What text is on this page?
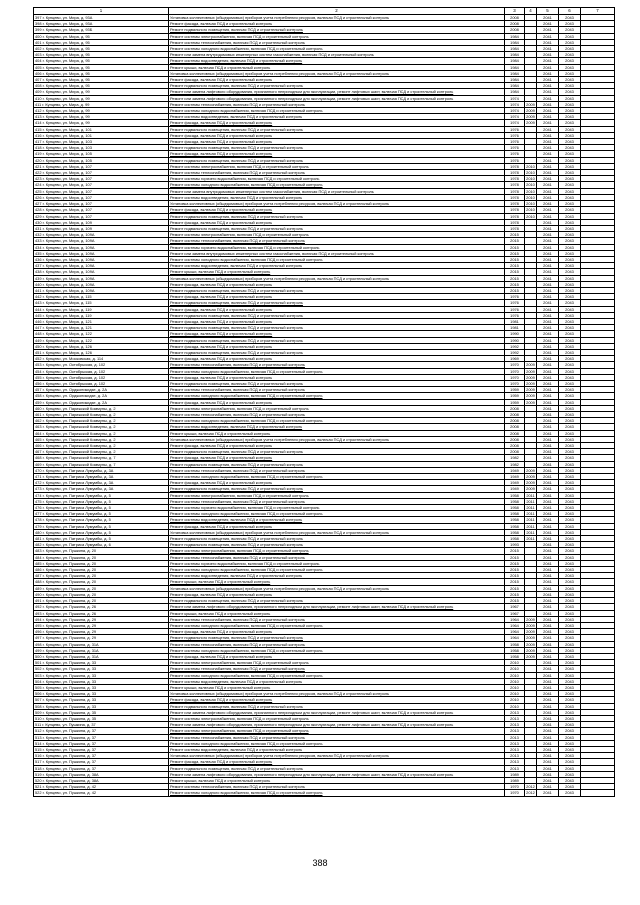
1	2	3	4	5	6	7
397 г. Кунцево, ул. Мира, д. 93А	Установка коллективных (общедомовых) приборов учета потребления ресурсов, включая ПСД и строительный контроль	2008		2041	2043	
398 г. Кунцево, ул. Мира, д. 93А	Ремонт фасада, включая ПСД и строительный контроль	2008		2041	2043	
399 г. Кунцево, ул. Мира, д. 93Б	Ремонт подвального помещения, включая ПСД и строительный контроль	2008		2041	2043	
400 г. Кунцево, ул. Мира, д. 95	Ремонт системы электроснабжения, включая ПСД и строительный контроль	1984		2041	2043	
401 г. Кунцево, ул. Мира, д. 95	Ремонт системы теплоснабжения, включая ПСД и строительный контроль	1984		2041	2043	
402 г. Кунцево, ул. Мира, д. 95	Ремонт системы холодного водоснабжения, включая ПСД и строительный контроль	1984		2041	2043	
403 г. Кунцево, ул. Мира, д. 95	Ремонт или замена внутридомовых инженерных систем газоснабжения, включая ПСД и строительный контроль	1984		2041	2043	
404 г. Кунцево, ул. Мира, д. 95	Ремонт системы водоотведения, включая ПСД и строительный контроль	1984		2041	2043	
405 г. Кунцево, ул. Мира, д. 95	Ремонт крыши, включая ПСД и строительный контроль	1984		2041	2043	
406 г. Кунцево, ул. Мира, д. 95	Установка коллективных (общедомовых) приборов учета потребления ресурсов, включая ПСД и строительный контроль	1984		2041	2043	
407 г. Кунцево, ул. Мира, д. 95	Ремонт фасада, включая ПСД и строительный контроль	1984		2041	2043	
408 г. Кунцево, ул. Мира, д. 95	Ремонт подвального помещения, включая ПСД и строительный контроль	1984		2041	2043	
409 г. Кунцево, ул. Мира, д. 99	Ремонт или замена лифтового оборудования, признанного непригодным для эксплуатации, ремонт лифтовых шахт, включая ПСД и строительный контроль	1984		2041	2043	
410 г. Кунцево, ул. Мира, д. 99	Ремонт или замена лифтового оборудования, признанного непригодным для эксплуатации, ремонт лифтовых шахт, включая ПСД и строительный контроль	1974		2041	2043	
411 г. Кунцево, ул. Мира, д. 99	Ремонт системы теплоснабжения, включая ПСД и строительный контроль	1974	2009	2041	2043	
412 г. Кунцево, ул. Мира, д. 99	Ремонт системы холодного водоснабжения, включая ПСД и строительный контроль	1974	2009	2041	2043	
413 г. Кунцево, ул. Мира, д. 99	Ремонт системы водоотведения, включая ПСД и строительный контроль	1974	2009	2041	2043	
414 г. Кунцево, ул. Мира, д. 99	Ремонт фасада, включая ПСД и строительный контроль	1974	2009	2041	2043	
415 г. Кунцево, ул. Мира, д. 101	Ремонт подвального помещения, включая ПСД и строительный контроль	1976		2041	2043	
416 г. Кунцево, ул. Мира, д. 101	Ремонт фасада, включая ПСД и строительный контроль	1976		2041	2043	
417 г. Кунцево, ул. Мира, д. 103	Ремонт фасада, включая ПСД и строительный контроль	1976		2041	2043	
418 г. Кунцево, ул. Мира, д. 103	Ремонт подвального помещения, включая ПСД и строительный контроль	1976		2041	2043	
419 г. Кунцево, ул. Мира, д. 105	Ремонт фасада, включая ПСД и строительный контроль	1976		2041	2043	
420 г. Кунцево, ул. Мира, д. 105	Ремонт подвального помещения, включая ПСД и строительный контроль	1976		2041	2043	
421 г. Кунцево, ул. Мира, д. 107	Ремонт системы электроснабжения, включая ПСД и строительный контроль	1978	2010	2041	2043	
422 г. Кунцево, ул. Мира, д. 107	Ремонт системы теплоснабжения, включая ПСД и строительный контроль	1978	2010	2041	2043	
423 г. Кунцево, ул. Мира, д. 107	Ремонт системы горячего водоснабжения, включая ПСД и строительный контроль	1978	2010	2041	2043	
424 г. Кунцево, ул. Мира, д. 107	Ремонт системы холодного водоснабжения, включая ПСД и строительный контроль	1978	2010	2041	2043	
425 г. Кунцево, ул. Мира, д. 107	Ремонт или замена внутридомовых инженерных систем газоснабжения, включая ПСД и строительный контроль	1978	2010	2041	2043	
426 г. Кунцево, ул. Мира, д. 107	Ремонт системы водоотведения, включая ПСД и строительный контроль	1978	2010	2041	2043	
427 г. Кунцево, ул. Мира, д. 107	Установка коллективных (общедомовых) приборов учета потребления ресурсов, включая ПСД и строительный контроль	1978	2010	2041	2043	
428 г. Кунцево, ул. Мира, д. 107	Ремонт фасада, включая ПСД и строительный контроль	1978	2010	2041	2043	
429 г. Кунцево, ул. Мира, д. 107	Ремонт подвального помещения, включая ПСД и строительный контроль	1978	2010	2041	2043	
430 г. Кунцево, ул. Мира, д. 109	Ремонт фасада, включая ПСД и строительный контроль	1978		2041	2043	
431 г. Кунцево, ул. Мира, д. 109	Ремонт подвального помещения, включая ПСД и строительный контроль	1978		2041	2043	
432 г. Кунцево, ул. Мира, д. 109А	Ремонт системы электроснабжения, включая ПСД и строительный контроль	2015		2041	2043	
433 г. Кунцево, ул. Мира, д. 109А	Ремонт системы теплоснабжения, включая ПСД и строительный контроль	2015		2041	2043	
434 г. Кунцево, ул. Мира, д. 109А	Ремонт системы горячего водоснабжения, включая ПСД и строительный контроль	2015		2041	2043	
435 г. Кунцево, ул. Мира, д. 109А	Ремонт или замена внутридомовых инженерных систем газоснабжения, включая ПСД и строительный контроль	2015		2041	2043	
436 г. Кунцево, ул. Мира, д. 109А	Ремонт системы холодного водоснабжения, включая ПСД и строительный контроль	2015		2041	2043	
437 г. Кунцево, ул. Мира, д. 109А	Ремонт системы водоотведения, включая ПСД и строительный контроль	2015		2041	2043	
438 г. Кунцево, ул. Мира, д. 109А	Ремонт крыши, включая ПСД и строительный контроль	2015		2041	2043	
439 г. Кунцево, ул. Мира, д. 109А	Установка коллективных (общедомовых) приборов учета потребления ресурсов, включая ПСД и строительный контроль	2015		2041	2043	
440 г. Кунцево, ул. Мира, д. 109А	Ремонт фасада, включая ПСД и строительный контроль	2015		2041	2043	
441 г. Кунцево, ул. Мира, д. 109А	Ремонт подвального помещения, включая ПСД и строительный контроль	2015		2041	2043	
442 г. Кунцево, ул. Мира, д. 115	Ремонт фасада, включая ПСД и строительный контроль	1976		2041	2043	
443 г. Кунцево, ул. Мира, д. 115	Ремонт подвального помещения, включая ПСД и строительный контроль	1976		2041	2043	
444 г. Кунцево, ул. Мира, д. 119	Ремонт фасада, включая ПСД и строительный контроль	1976		2041	2043	
445 г. Кунцево, ул. Мира, д. 119	Ремонт подвального помещения, включая ПСД и строительный контроль	1976		2041	2043	
446 г. Кунцево, ул. Мира, д. 121	Ремонт фасада, включая ПСД и строительный контроль	1981		2041	2043	
447 г. Кунцево, ул. Мира, д. 121	Ремонт подвального помещения, включая ПСД и строительный контроль	1981		2041	2043	
448 г. Кунцево, ул. Мира, д. 122	Ремонт фасада, включая ПСД и строительный контроль	1990		2041	2043	
449 г. Кунцево, ул. Мира, д. 122	Ремонт подвального помещения, включая ПСД и строительный контроль	1990		2041	2043	
450 г. Кунцево, ул. Мира, д. 126	Ремонт фасада, включая ПСД и строительный контроль	1992		2041	2043	
451 г. Кунцево, ул. Мира, д. 126	Ремонт подвального помещения, включая ПСД и строительный контроль	1992		2041	2043	
452 г. Кунцево, ул. Московская, д. 114	Ремонт фасада, включая ПСД и строительный контроль	1969		2041	2043	
453 г. Кунцево, ул. Октябрьская, д. 102	Ремонт системы теплоснабжения, включая ПСД и строительный контроль	1970	2009	2041	2043	
454 г. Кунцево, ул. Октябрьская, д. 102	Ремонт системы холодного водоснабжения, включая ПСД и строительный контроль	1970	2009	2041	2043	
455 г. Кунцево, ул. Октябрьская, д. 102	Ремонт фасада, включая ПСД и строительный контроль	1970	2009	2041	2043	
456 г. Кунцево, ул. Октябрьская, д. 102	Ремонт подвального помещения, включая ПСД и строительный контроль	1970	2009	2041	2043	
457 г. Кунцево, ул. Орджоникидзе, д. 2А	Ремонт системы теплоснабжения, включая ПСД и строительный контроль	1959	2009	2041	2043	
458 г. Кунцево, ул. Орджоникидзе, д. 2А	Ремонт системы холодного водоснабжения, включая ПСД и строительный контроль	1959	2009	2041	2043	
459 г. Кунцево, ул. Орджоникидзе, д. 2А	Ремонт фасада, включая ПСД и строительный контроль	1959	2009	2041	2043	
460 г. Кунцево, ул. Парижской Коммуны, д. 2	Ремонт системы электроснабжения, включая ПСД и строительный контроль	2008		2041	2043	
461 г. Кунцево, ул. Парижской Коммуны, д. 2	Ремонт системы теплоснабжения, включая ПСД и строительный контроль	2008		2041	2043	
462 г. Кунцево, ул. Парижской Коммуны, д. 2	Ремонт системы холодного водоснабжения, включая ПСД и строительный контроль	2008		2041	2043	
463 г. Кунцево, ул. Парижской Коммуны, д. 2	Ремонт системы водоотведения, включая ПСД и строительный контроль	2008		2041	2043	
464 г. Кунцево, ул. Парижской Коммуны, д. 2	Ремонт крыши, включая ПСД и строительный контроль	2008		2041	2043	
465 г. Кунцево, ул. Парижской Коммуны, д. 2	Установка коллективных (общедомовых) приборов учета потребления ресурсов, включая ПСД и строительный контроль	2008		2041	2043	
466 г. Кунцево, ул. Парижской Коммуны, д. 2	Ремонт фасада, включая ПСД и строительный контроль	2008		2041	2043	
467 г. Кунцево, ул. Парижской Коммуны, д. 2	Ремонт подвального помещения, включая ПСД и строительный контроль	2008		2041	2043	
468 г. Кунцево, ул. Парижской Коммуны, д. 7	Ремонт фасада, включая ПСД и строительный контроль	1982		2041	2043	
469 г. Кунцево, ул. Парижской Коммуны, д. 7	Ремонт подвального помещения, включая ПСД и строительный контроль	1982		2041	2043	
470 г. Кунцево, ул. Патриса Лумумбы, д. 3А	Ремонт системы теплоснабжения, включая ПСД и строительный контроль	1949	2009	2041	2043	
471 г. Кунцево, ул. Патриса Лумумбы, д. 3А	Ремонт системы холодного водоснабжения, включая ПСД и строительный контроль	1949	2009	2041	2043	
472 г. Кунцево, ул. Патриса Лумумбы, д. 3А	Ремонт фасада, включая ПСД и строительный контроль	1949	2009	2041	2043	
473 г. Кунцево, ул. Патриса Лумумбы, д. 3А	Ремонт подвального помещения, включая ПСД и строительный контроль	1949	2009	2041	2043	
474 г. Кунцево, ул. Патриса Лумумбы, д. 5	Ремонт системы электроснабжения, включая ПСД и строительный контроль	1958	2011	2041	2043	
475 г. Кунцево, ул. Патриса Лумумбы, д. 5	Ремонт системы теплоснабжения, включая ПСД и строительный контроль	1958	2011	2041	2043	
476 г. Кунцево, ул. Патриса Лумумбы, д. 5	Ремонт системы горячего водоснабжения, включая ПСД и строительный контроль	1958	2011	2041	2043	
477 г. Кунцево, ул. Патриса Лумумбы, д. 5	Ремонт системы холодного водоснабжения, включая ПСД и строительный контроль	1958	2011	2041	2043	
478 г. Кунцево, ул. Патриса Лумумбы, д. 5	Ремонт системы водоотведения, включая ПСД и строительный контроль	1958	2011	2041	2043	
479 г. Кунцево, ул. Патриса Лумумбы, д. 5	Ремонт фасада, включая ПСД и строительный контроль	1958	2011	2041	2043	
480 г. Кунцево, ул. Патриса Лумумбы, д. 5	Установка коллективных (общедомовых) приборов учета потребления ресурсов, включая ПСД и строительный контроль	1958	2011	2041	2043	
481 г. Кунцево, ул. Патриса Лумумбы, д. 5	Ремонт подвального помещения, включая ПСД и строительный контроль	1958	2011	2041	2043	
482 г. Кунцево, ул. Патриса Лумумбы, д. 6	Ремонт подвального помещения, включая ПСД и строительный контроль	1993		2041	2043	
483 г. Кунцево, ул. Пушкина, д. 20	Ремонт системы электроснабжения, включая ПСД и строительный контроль	2015		2041	2043	
484 г. Кунцево, ул. Пушкина, д. 20	Ремонт системы теплоснабжения, включая ПСД и строительный контроль	2015		2041	2043	
485 г. Кунцево, ул. Пушкина, д. 20	Ремонт системы горячего водоснабжения, включая ПСД и строительный контроль	2015		2041	2043	
486 г. Кунцево, ул. Пушкина, д. 20	Ремонт системы холодного водоснабжения, включая ПСД и строительный контроль	2015		2041	2043	
487 г. Кунцево, ул. Пушкина, д. 20	Ремонт системы водоотведения, включая ПСД и строительный контроль	2015		2041	2043	
488 г. Кунцево, ул. Пушкина, д. 20	Ремонт крыши, включая ПСД и строительный контроль	2015		2041	2043	
489 г. Кунцево, ул. Пушкина, д. 20	Установка коллективных (общедомовых) приборов учета потребления ресурсов, включая ПСД и строительный контроль	2015		2041	2043	
490 г. Кунцево, ул. Пушкина, д. 20	Ремонт фасада, включая ПСД и строительный контроль	2015		2041	2043	
491 г. Кунцево, ул. Пушкина, д. 20	Ремонт подвального помещения, включая ПСД и строительный контроль	2015		2041	2043	
492 г. Кунцево, ул. Пушкина, д. 26	Ремонт или замена лифтового оборудования, признанного непригодным для эксплуатации, ремонт лифтовых шахт, включая ПСД и строительный контроль	1967		2041	2043	
493 г. Кунцево, ул. Пушкина, д. 26	Ремонт крыши, включая ПСД и строительный контроль	1967		2041	2043	
494 г. Кунцево, ул. Пушкина, д. 29	Ремонт системы теплоснабжения, включая ПСД и строительный контроль	1964	2009	2041	2043	
495 г. Кунцево, ул. Пушкина, д. 29	Ремонт системы холодного водоснабжения, включая ПСД и строительный контроль	1964	2009	2041	2043	
496 г. Кунцево, ул. Пушкина, д. 29	Ремонт фасада, включая ПСД и строительный контроль	1964	2009	2041	2043	
497 г. Кунцево, ул. Пушкина, д. 29	Ремонт подвального помещения, включая ПСД и строительный контроль	1964	2009	2041	2043	
498 г. Кунцево, ул. Пушкина, д. 31А	Ремонт системы теплоснабжения, включая ПСД и строительный контроль	1958	2009	2041	2043	
499 г. Кунцево, ул. Пушкина, д. 31А	Ремонт системы холодного водоснабжения, включая ПСД и строительный контроль	1958	2009	2041	2043	
500 г. Кунцево, ул. Пушкина, д. 31А	Ремонт фасада, включая ПСД и строительный контроль	1958	2009	2041	2043	
501 г. Кунцево, ул. Пушкина, д. 33	Ремонт системы электроснабжения, включая ПСД и строительный контроль	2010		2041	2043	
502 г. Кунцево, ул. Пушкина, д. 33	Ремонт системы теплоснабжения, включая ПСД и строительный контроль	2010		2041	2043	
503 г. Кунцево, ул. Пушкина, д. 33	Ремонт системы холодного водоснабжения, включая ПСД и строительный контроль	2010		2041	2043	
504 г. Кунцево, ул. Пушкина, д. 33	Ремонт системы водоотведения, включая ПСД и строительный контроль	2010		2041	2043	
505 г. Кунцево, ул. Пушкина, д. 33	Ремонт крыши, включая ПСД и строительный контроль	2010		2041	2043	
506 г. Кунцево, ул. Пушкина, д. 33	Установка коллективных (общедомовых) приборов учета потребления ресурсов, включая ПСД и строительный контроль	2010		2041	2043	
507 г. Кунцево, ул. Пушкина, д. 33	Ремонт фасада, включая ПСД и строительный контроль	2010		2041	2043	
508 г. Кунцево, ул. Пушкина, д. 33	Ремонт подвального помещения, включая ПСД и строительный контроль	2010		2041	2043	
509 г. Кунцево, ул. Пушкина, д. 35	Ремонт или замена лифтового оборудования, признанного непригодным для эксплуатации, ремонт лифтовых шахт, включая ПСД и строительный контроль	2013		2041	2043	
510 г. Кунцево, ул. Пушкина, д. 35	Ремонт системы электроснабжения, включая ПСД и строительный контроль	2013		2041	2043	
511 г. Кунцево, ул. Пушкина, д. 37	Ремонт или замена лифтового оборудования, признанного непригодным для эксплуатации, ремонт лифтовых шахт, включая ПСД и строительный контроль	2013		2041	2043	
512 г. Кунцево, ул. Пушкина, д. 37	Ремонт системы электроснабжения, включая ПСД и строительный контроль	2013		2041	2043	
513 г. Кунцево, ул. Пушкина, д. 37	Ремонт системы теплоснабжения, включая ПСД и строительный контроль	2013		2041	2043	
514 г. Кунцево, ул. Пушкина, д. 37	Ремонт системы холодного водоснабжения, включая ПСД и строительный контроль	2013		2041	2043	
515 г. Кунцево, ул. Пушкина, д. 37	Ремонт системы водоотведения, включая ПСД и строительный контроль	2013		2041	2043	
516 г. Кунцево, ул. Пушкина, д. 37	Установка коллективных (общедомовых) приборов учета потребления ресурсов, включая ПСД и строительный контроль	2013		2041	2043	
517 г. Кунцево, ул. Пушкина, д. 37	Ремонт фасада, включая ПСД и строительный контроль	2013		2041	2043	
518 г. Кунцево, ул. Пушкина, д. 37	Ремонт подвального помещения, включая ПСД и строительный контроль	2013		2041	2043	
519 г. Кунцево, ул. Пушкина, д. 38А	Ремонт или замена лифтового оборудования, признанного непригодным для эксплуатации, ремонт лифтовых шахт, включая ПСД и строительный контроль	1989		2041	2043	
520 г. Кунцево, ул. Пушкина, д. 38А	Ремонт крыши, включая ПСД и строительный контроль	1989		2041	2043	
521 г. Кунцево, ул. Пушкина, д. 42	Ремонт системы теплоснабжения, включая ПСД и строительный контроль	1970	2012	2041	2043	
522 г. Кунцево, ул. Пушкина, д. 42	Ремонт системы холодного водоснабжения, включая ПСД и строительный контроль	1970	2012	2041	2043	
388
